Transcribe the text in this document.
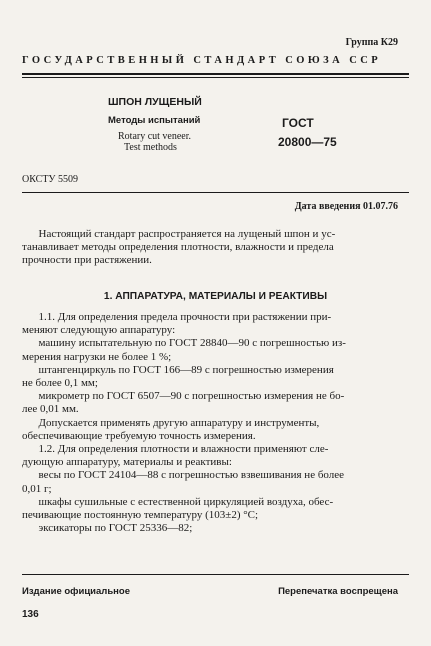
Группа К29
ГОСУДАРСТВЕННЫЙ СТАНДАРТ СОЮЗА ССР
ШПОН ЛУЩЕНЫЙ
Методы испытаний
Rotary cut veneer.
Test methods
ГОСТ
20800—75
ОКСТУ 5509
Дата введения 01.07.76
Настоящий стандарт распространяется на лущеный шпон и ус-
танавливает методы определения плотности, влажности и предела
прочности при растяжении.
1. АППАРАТУРА, МАТЕРИАЛЫ И РЕАКТИВЫ
1.1. Для определения предела прочности при растяжении при-
меняют следующую аппаратуру:
машину испытательную по ГОСТ 28840—90 с погрешностью из-
мерения нагрузки не более 1 %;
штангенциркуль по ГОСТ 166—89 с погрешностью измерения
не более 0,1 мм;
микрометр по ГОСТ 6507—90 с погрешностью измерения не бо-
лее 0,01 мм.
Допускается применять другую аппаратуру и инструменты,
обеспечивающие требуемую точность измерения.
1.2. Для определения плотности и влажности применяют сле-
дующую аппаратуру, материалы и реактивы:
весы по ГОСТ 24104—88 с погрешностью взвешивания не более
0,01 г;
шкафы сушильные с естественной циркуляцией воздуха, обес-
печивающие постоянную температуру (103±2) °С;
эксикаторы по ГОСТ 25336—82;
Издание официальное	Перепечатка воспрещена
136
